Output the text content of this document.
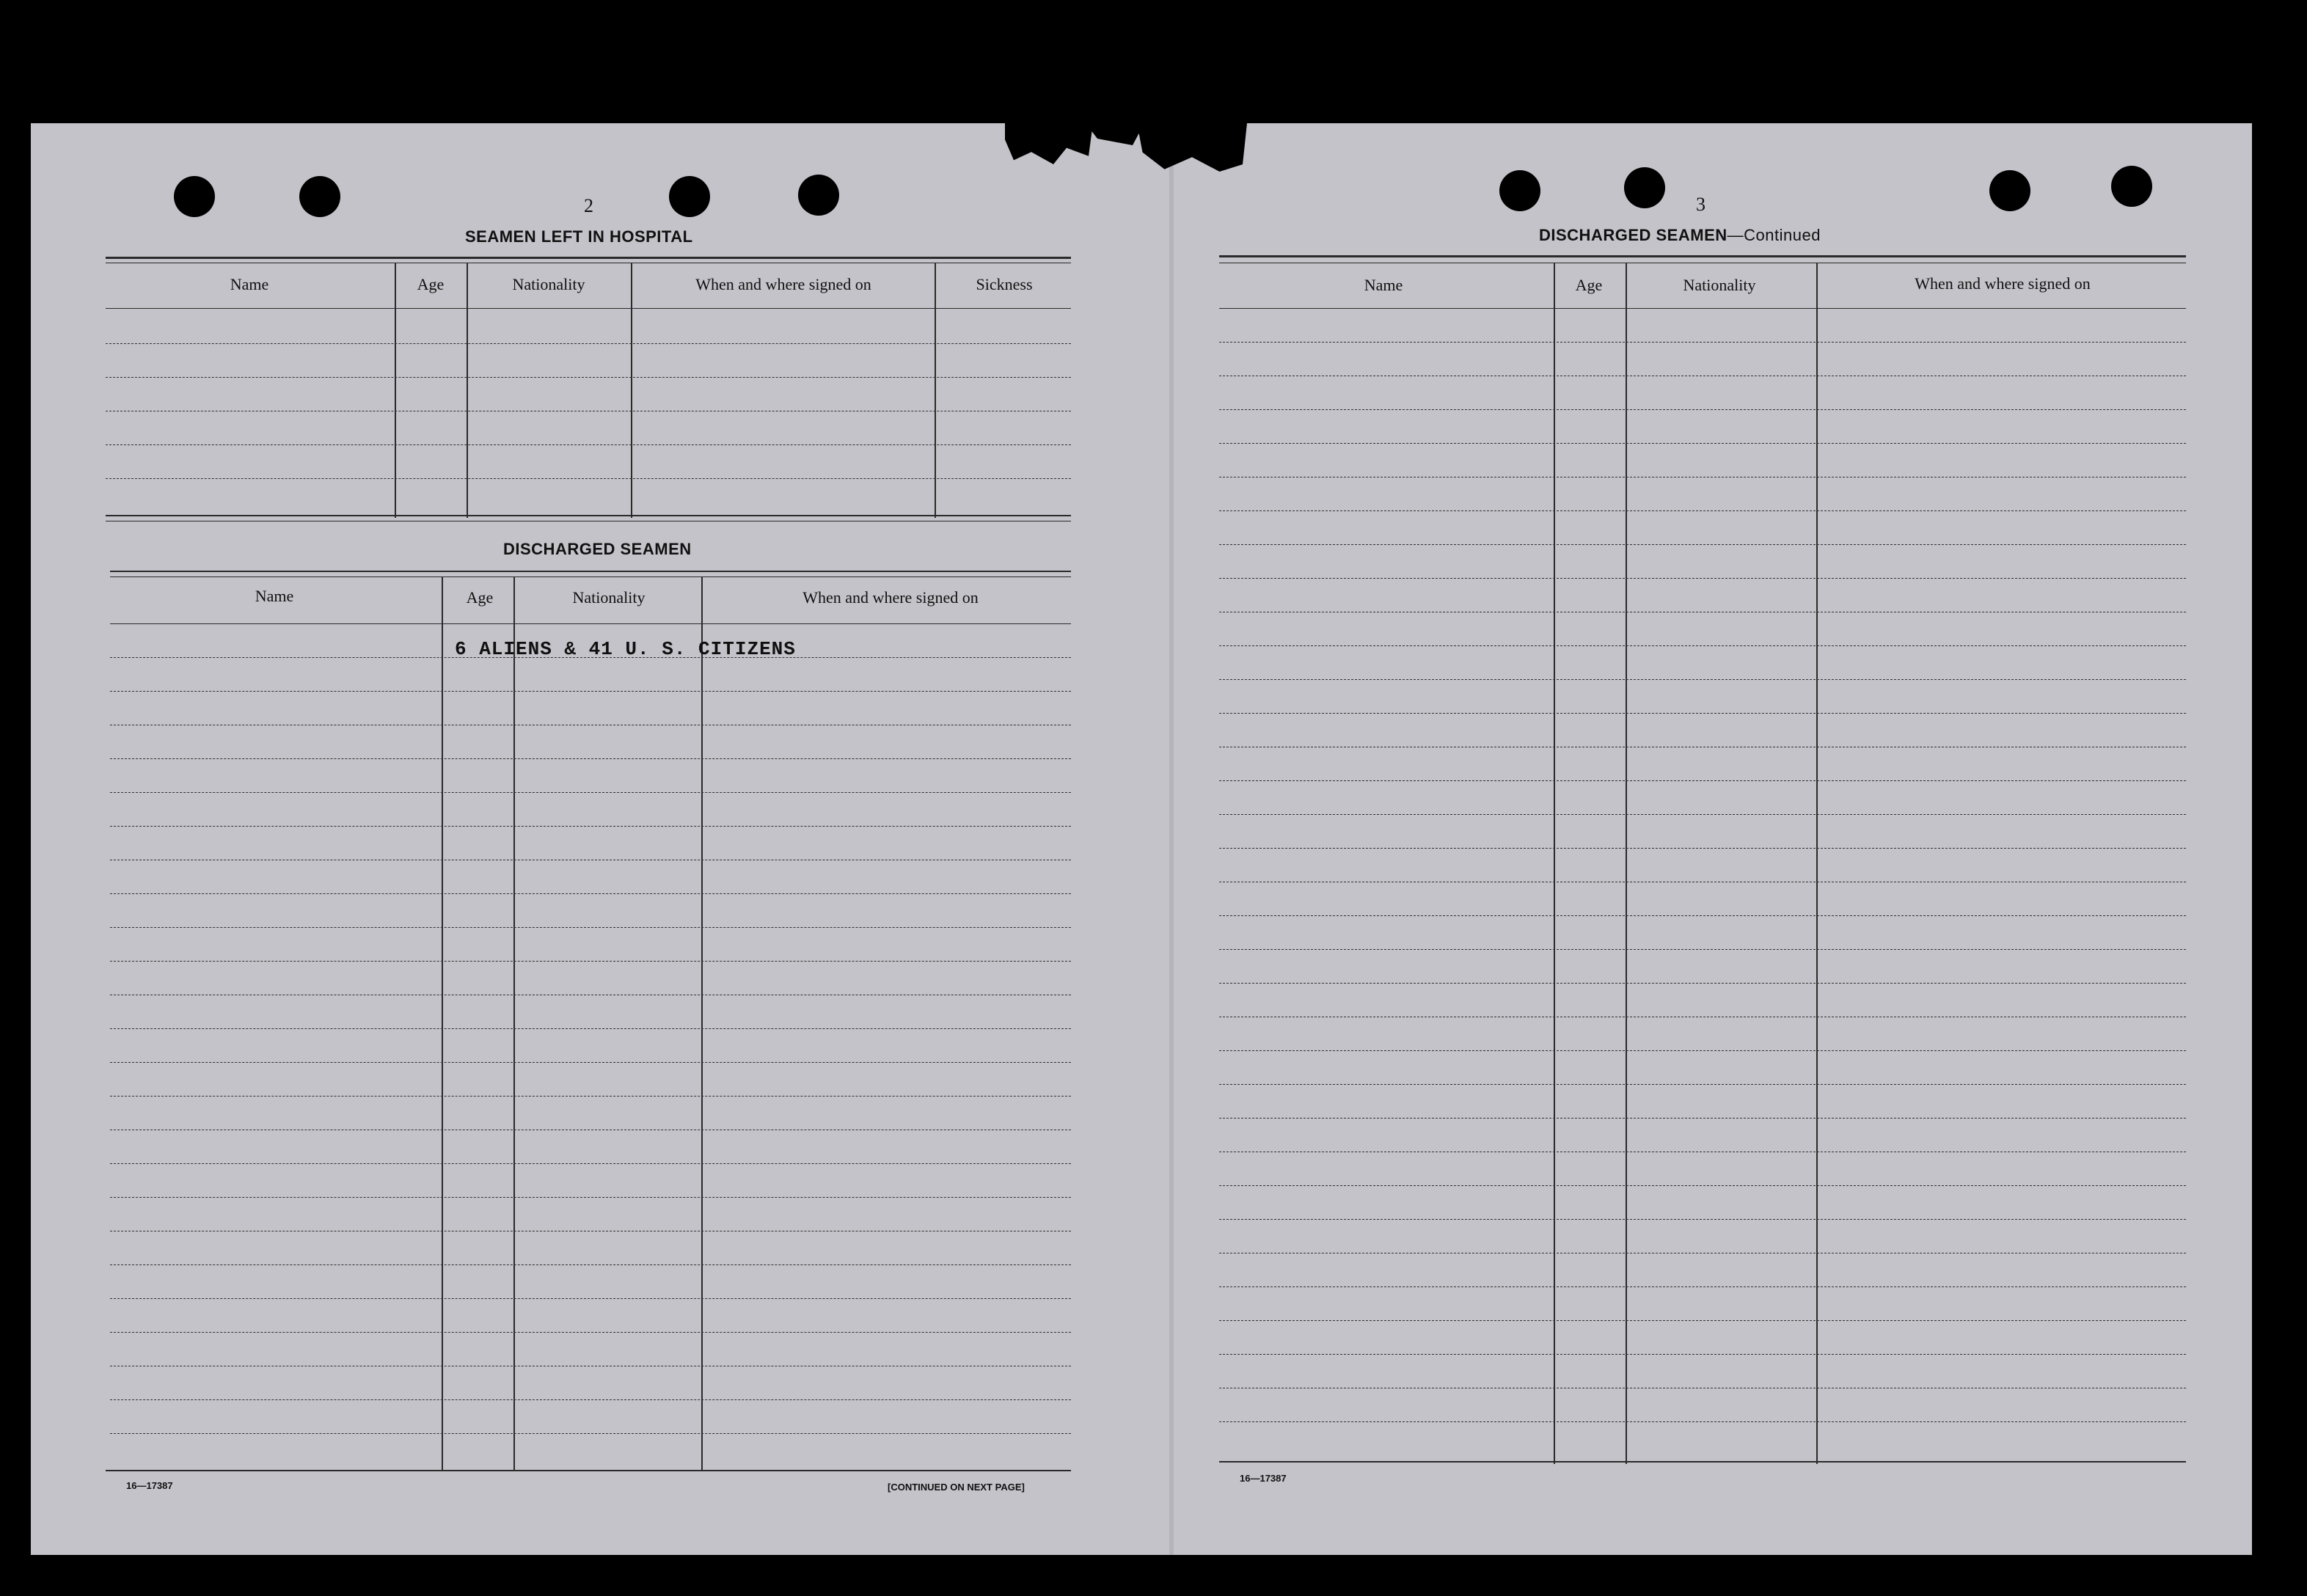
2
SEAMEN LEFT IN HOSPITAL
Name	Age	Nationality	When and where signed on	Sickness
DISCHARGED SEAMEN
Name	Age	Nationality	When and where signed on
6 ALIENS & 41 U. S. CITIZENS
16—17387	[CONTINUED ON NEXT PAGE]
3
DISCHARGED SEAMEN—Continued
Name	Age	Nationality	When and where signed on
16—17387
